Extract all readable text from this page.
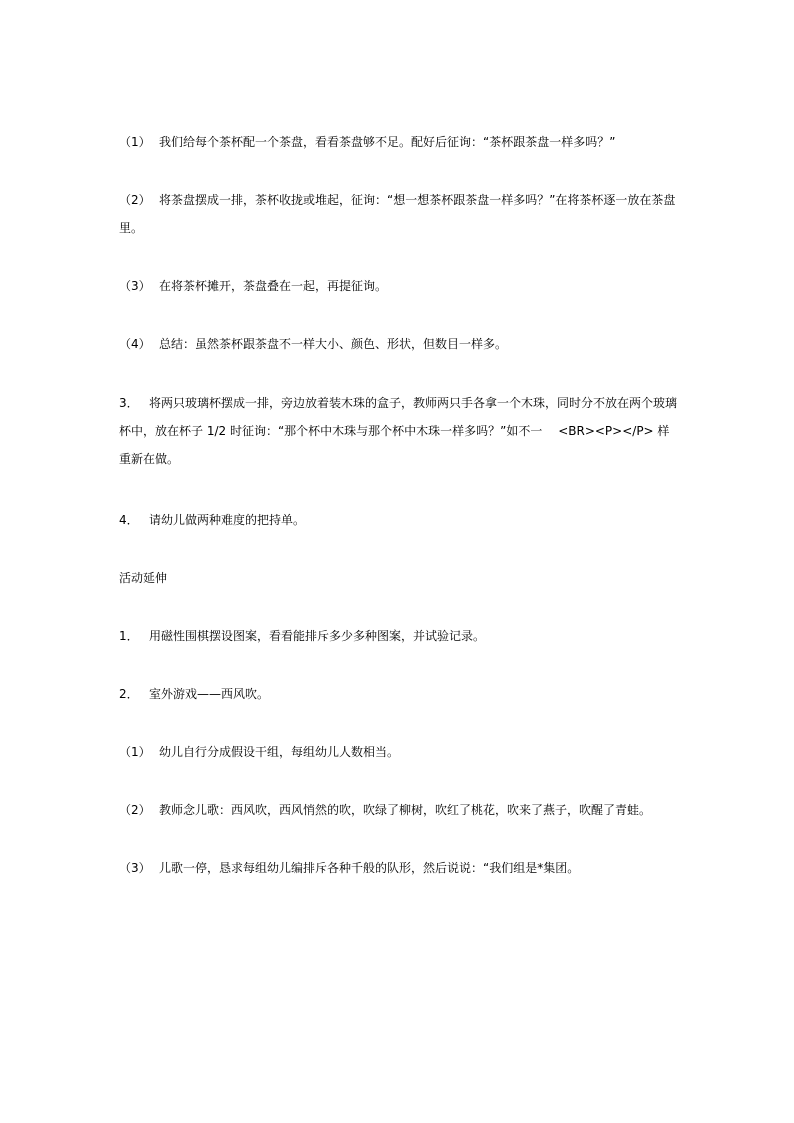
（1） 我们给每个茶杯配一个茶盘，看看茶盘够不足。配好后征询：“茶杯跟茶盘一样多吗？”

（2） 将茶盘摆成一排，茶杯收拢或堆起，征询：“想一想茶杯跟茶盘一样多吗？”在将茶杯逐一放在茶盘里。

（3） 在将茶杯摊开，茶盘叠在一起，再提征询。

（4） 总结：虽然茶杯跟茶盘不一样大小、颜色、形状，但数目一样多。

3． 将两只玻璃杯摆成一排，旁边放着装木珠的盒子，教师两只手各拿一个木珠，同时分不放在两个玻璃杯中，放在杯子 1/2 时征询：“那个杯中木珠与那个杯中木珠一样多吗？”如不一　 <BR><P></P> 样重新在做。

4． 请幼儿做两种难度的把持单。

活动延伸

1． 用磁性围棋摆设图案，看看能排斥多少多种图案，并试验记录。

2． 室外游戏——西风吹。

（1） 幼儿自行分成假设干组，每组幼儿人数相当。

（2） 教师念儿歌：西风吹，西风悄然的吹，吹绿了柳树，吹红了桃花，吹来了燕子，吹醒了青蛙。

（3） 儿歌一停，恳求每组幼儿编排斥各种千般的队形，然后说说：“我们组是*集团。
